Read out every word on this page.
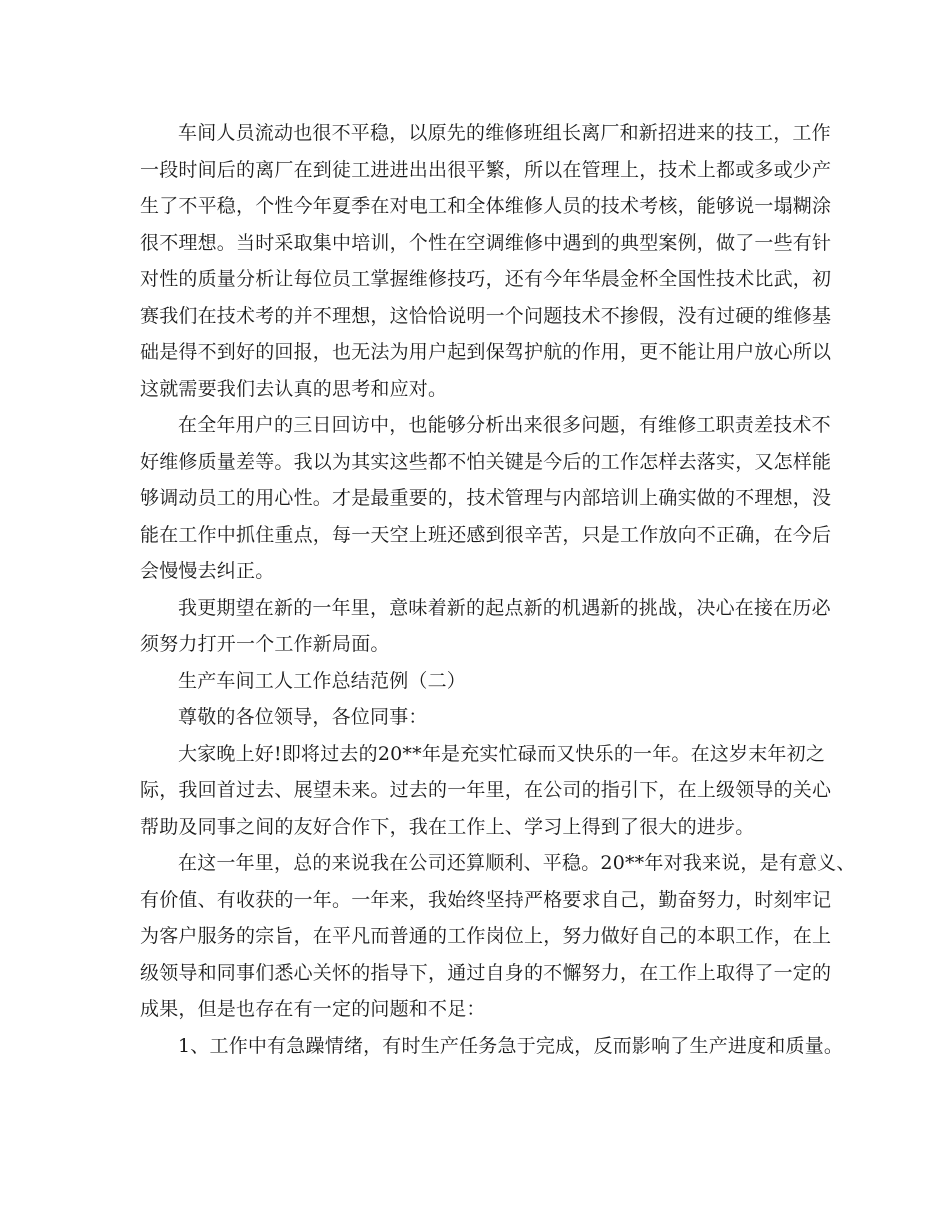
车间人员流动也很不平稳，以原先的维修班组长离厂和新招进来的技工，工作
一段时间后的离厂在到徒工进进出出很平繁，所以在管理上，技术上都或多或少产
生了不平稳，个性今年夏季在对电工和全体维修人员的技术考核，能够说一塌糊涂
很不理想。当时采取集中培训，个性在空调维修中遇到的典型案例，做了一些有针
对性的质量分析让每位员工掌握维修技巧，还有今年华晨金杯全国性技术比武，初
赛我们在技术考的并不理想，这恰恰说明一个问题技术不掺假，没有过硬的维修基
础是得不到好的回报，也无法为用户起到保驾护航的作用，更不能让用户放心所以
这就需要我们去认真的思考和应对。

在全年用户的三日回访中，也能够分析出来很多问题，有维修工职责差技术不
好维修质量差等。我以为其实这些都不怕关键是今后的工作怎样去落实，又怎样能
够调动员工的用心性。才是最重要的，技术管理与内部培训上确实做的不理想，没
能在工作中抓住重点，每一天空上班还感到很辛苦，只是工作放向不正确，在今后
会慢慢去纠正。

我更期望在新的一年里，意味着新的起点新的机遇新的挑战，决心在接在历必
须努力打开一个工作新局面。

生产车间工人工作总结范例（二）

尊敬的各位领导，各位同事：

大家晚上好!即将过去的20**年是充实忙碌而又快乐的一年。在这岁末年初之
际，我回首过去、展望未来。过去的一年里，在公司的指引下，在上级领导的关心
帮助及同事之间的友好合作下，我在工作上、学习上得到了很大的进步。

在这一年里，总的来说我在公司还算顺利、平稳。20**年对我来说，是有意义、
有价值、有收获的一年。一年来，我始终坚持严格要求自己，勤奋努力，时刻牢记
为客户服务的宗旨，在平凡而普通的工作岗位上，努力做好自己的本职工作，在上
级领导和同事们悉心关怀的指导下，通过自身的不懈努力，在工作上取得了一定的
成果，但是也存在有一定的问题和不足：

1、工作中有急躁情绪，有时生产任务急于完成，反而影响了生产进度和质量。
